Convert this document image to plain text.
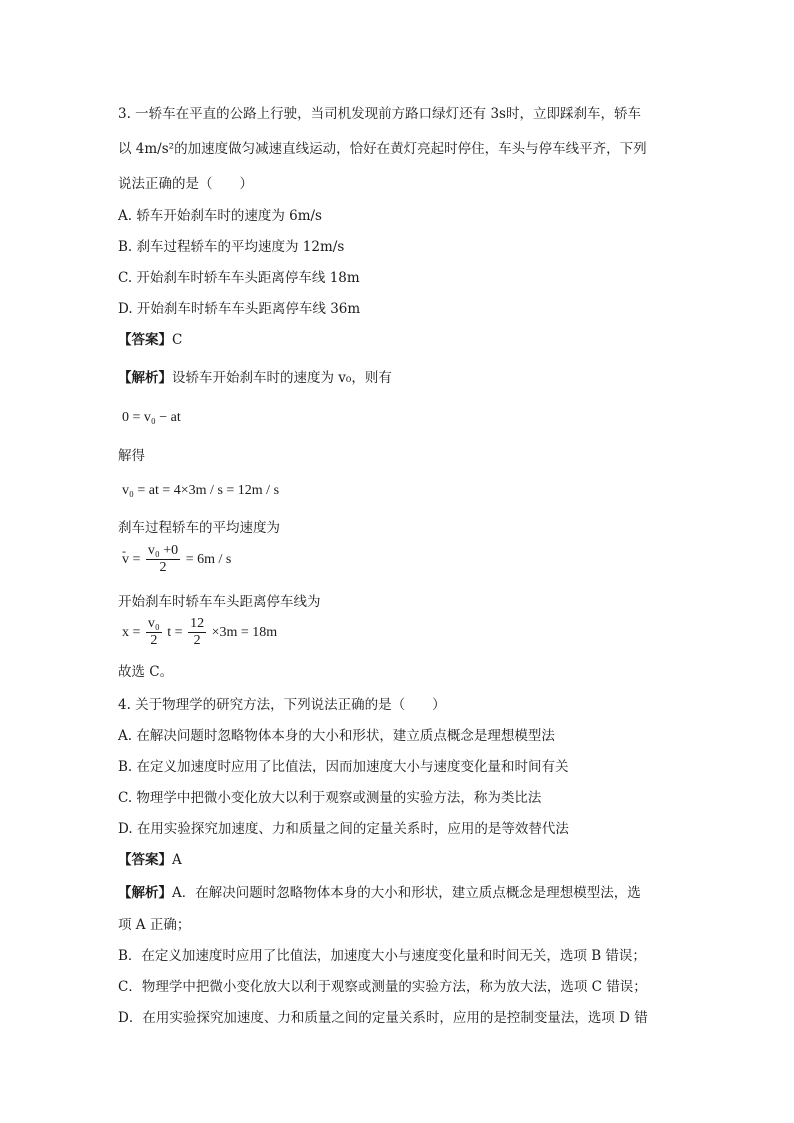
3. 一轿车在平直的公路上行驶，当司机发现前方路口绿灯还有 3s时，立即踩刹车，轿车
以 4m/s²的加速度做匀减速直线运动，恰好在黄灯亮起时停住，车头与停车线平齐，下列
说法正确的是（　　）
A. 轿车开始刹车时的速度为 6m/s
B. 刹车过程轿车的平均速度为 12m/s
C. 开始刹车时轿车车头距离停车线 18m
D. 开始刹车时轿车车头距离停车线 36m
【答案】C
【解析】设轿车开始刹车时的速度为 v₀，则有
0 = v₀ − at
解得
v₀ = at = 4×3m / s = 12m / s
刹车过程轿车的平均速度为
- $v = \frac{\text{v₀ +0}}{2} = 6m / s$
开始刹车时轿车车头距离停车线为
$x = \frac{\text{v₀}}{2}$ $t = \frac{12}{2} \times 3m = 18m$
故选 C。
4. 关于物理学的研究方法，下列说法正确的是（　　）
A. 在解决问题时忽略物体本身的大小和形状，建立质点概念是理想模型法
B. 在定义加速度时应用了比值法，因而加速度大小与速度变化量和时间有关
C. 物理学中把微小变化放大以利于观察或测量的实验方法，称为类比法
D. 在用实验探究加速度、力和质量之间的定量关系时，应用的是等效替代法
【答案】A
【解析】A．在解决问题时忽略物体本身的大小和形状，建立质点概念是理想模型法，选
项 A 正确；
B．在定义加速度时应用了比值法，加速度大小与速度变化量和时间无关，选项 B 错误；
C．物理学中把微小变化放大以利于观察或测量的实验方法，称为放大法，选项 C 错误；
D．在用实验探究加速度、力和质量之间的定量关系时，应用的是控制变量法，选项 D 错
